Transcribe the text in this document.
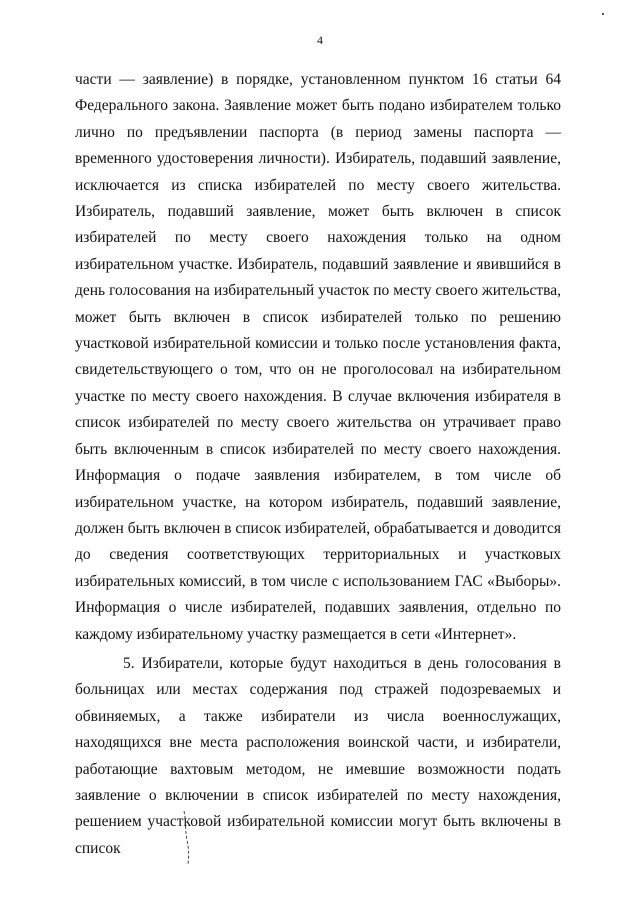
4

части — заявление) в порядке, установленном пунктом 16 статьи 64 Федерального закона. Заявление может быть подано избирателем только лично по предъявлении паспорта (в период замены паспорта — временного удостоверения личности). Избиратель, подавший заявление, исключается из списка избирателей по месту своего жительства. Избиратель, подавший заявление, может быть включен в список избирателей по месту своего нахождения только на одном избирательном участке. Избиратель, подавший заявление и явившийся в день голосования на избирательный участок по месту своего жительства, может быть включен в список избирателей только по решению участковой избирательной комиссии и только после установления факта, свидетельствующего о том, что он не проголосовал на избирательном участке по месту своего нахождения. В случае включения избирателя в список избирателей по месту своего жительства он утрачивает право быть включенным в список избирателей по месту своего нахождения. Информация о подаче заявления избирателем, в том числе об избирательном участке, на котором избиратель, подавший заявление, должен быть включен в список избирателей, обрабатывается и доводится до сведения соответствующих территориальных и участковых избирательных комиссий, в том числе с использованием ГАС «Выборы». Информация о числе избирателей, подавших заявления, отдельно по каждому избирательному участку размещается в сети «Интернет».

5. Избиратели, которые будут находиться в день голосования в больницах или местах содержания под стражей подозреваемых и обвиняемых, а также избиратели из числа военнослужащих, находящихся вне места расположения воинской части, и избиратели, работающие вахтовым методом, не имевшие возможности подать заявление о включении в список избирателей по месту нахождения, решением участковой избирательной комиссии могут быть включены в список
